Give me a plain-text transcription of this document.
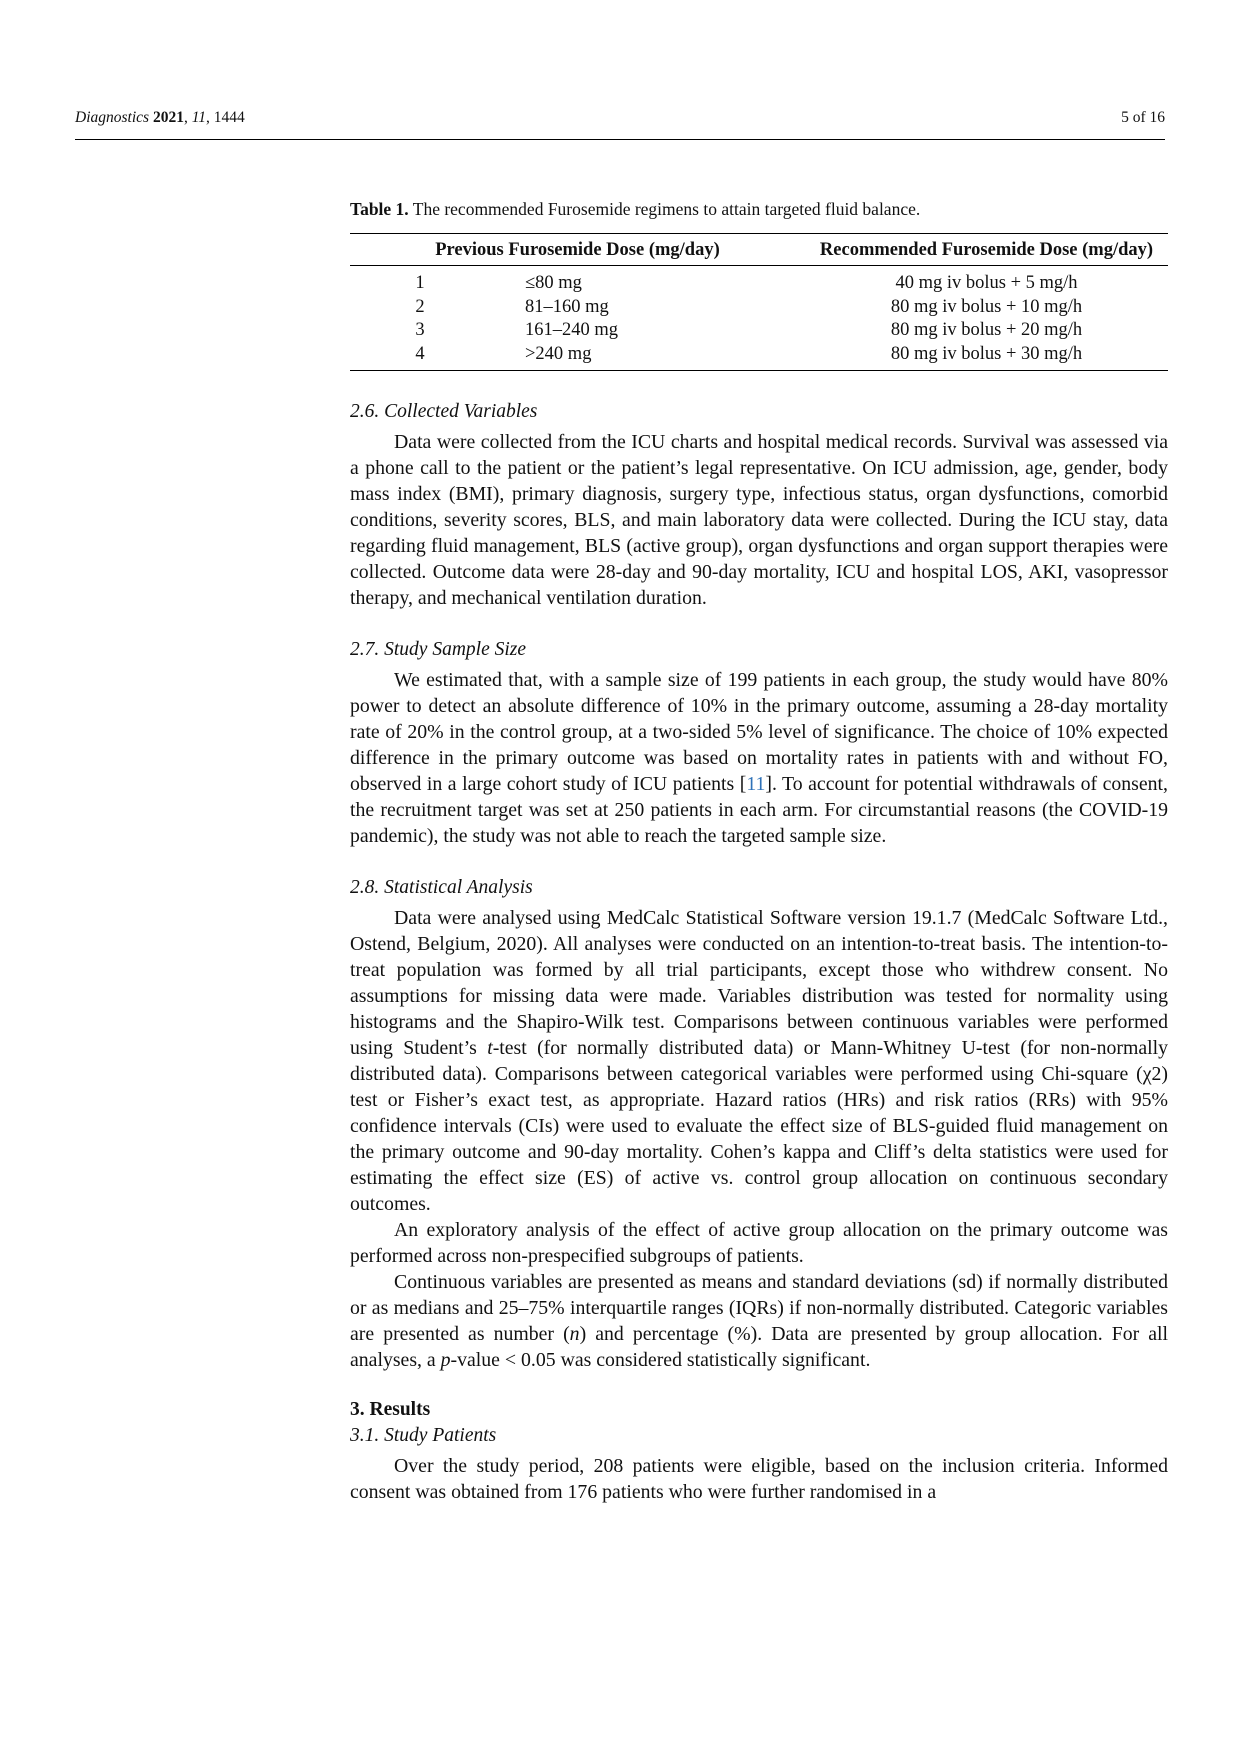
Diagnostics 2021, 11, 1444	5 of 16
Table 1. The recommended Furosemide regimens to attain targeted fluid balance.
Previous Furosemide Dose (mg/day)		Recommended Furosemide Dose (mg/day)
1	≤80 mg	40 mg iv bolus + 5 mg/h
2	81–160 mg	80 mg iv bolus + 10 mg/h
3	161–240 mg	80 mg iv bolus + 20 mg/h
4	>240 mg	80 mg iv bolus + 30 mg/h
2.6. Collected Variables

Data were collected from the ICU charts and hospital medical records. Survival was assessed via a phone call to the patient or the patient’s legal representative. On ICU admission, age, gender, body mass index (BMI), primary diagnosis, surgery type, infectious status, organ dysfunctions, comorbid conditions, severity scores, BLS, and main laboratory data were collected. During the ICU stay, data regarding fluid management, BLS (active group), organ dysfunctions and organ support therapies were collected. Outcome data were 28-day and 90-day mortality, ICU and hospital LOS, AKI, vasopressor therapy, and mechanical ventilation duration.

2.7. Study Sample Size

We estimated that, with a sample size of 199 patients in each group, the study would have 80% power to detect an absolute difference of 10% in the primary outcome, assuming a 28-day mortality rate of 20% in the control group, at a two-sided 5% level of significance. The choice of 10% expected difference in the primary outcome was based on mortality rates in patients with and without FO, observed in a large cohort study of ICU patients [11]. To account for potential withdrawals of consent, the recruitment target was set at 250 patients in each arm. For circumstantial reasons (the COVID-19 pandemic), the study was not able to reach the targeted sample size.

2.8. Statistical Analysis

Data were analysed using MedCalc Statistical Software version 19.1.7 (MedCalc Software Ltd., Ostend, Belgium, 2020). All analyses were conducted on an intention-to-treat basis. The intention-to-treat population was formed by all trial participants, except those who withdrew consent. No assumptions for missing data were made. Variables distribution was tested for normality using histograms and the Shapiro-Wilk test. Comparisons between continuous variables were performed using Student’s t-test (for normally distributed data) or Mann-Whitney U-test (for non-normally distributed data). Comparisons between categorical variables were performed using Chi-square (χ2) test or Fisher’s exact test, as appropriate. Hazard ratios (HRs) and risk ratios (RRs) with 95% confidence intervals (CIs) were used to evaluate the effect size of BLS-guided fluid management on the primary outcome and 90-day mortality. Cohen’s kappa and Cliff’s delta statistics were used for estimating the effect size (ES) of active vs. control group allocation on continuous secondary outcomes.

An exploratory analysis of the effect of active group allocation on the primary outcome was performed across non-prespecified subgroups of patients.

Continuous variables are presented as means and standard deviations (sd) if normally distributed or as medians and 25–75% interquartile ranges (IQRs) if non-normally distributed. Categoric variables are presented as number (n) and percentage (%). Data are presented by group allocation. For all analyses, a p-value < 0.05 was considered statistically significant.

3. Results
3.1. Study Patients

Over the study period, 208 patients were eligible, based on the inclusion criteria. Informed consent was obtained from 176 patients who were further randomised in a
